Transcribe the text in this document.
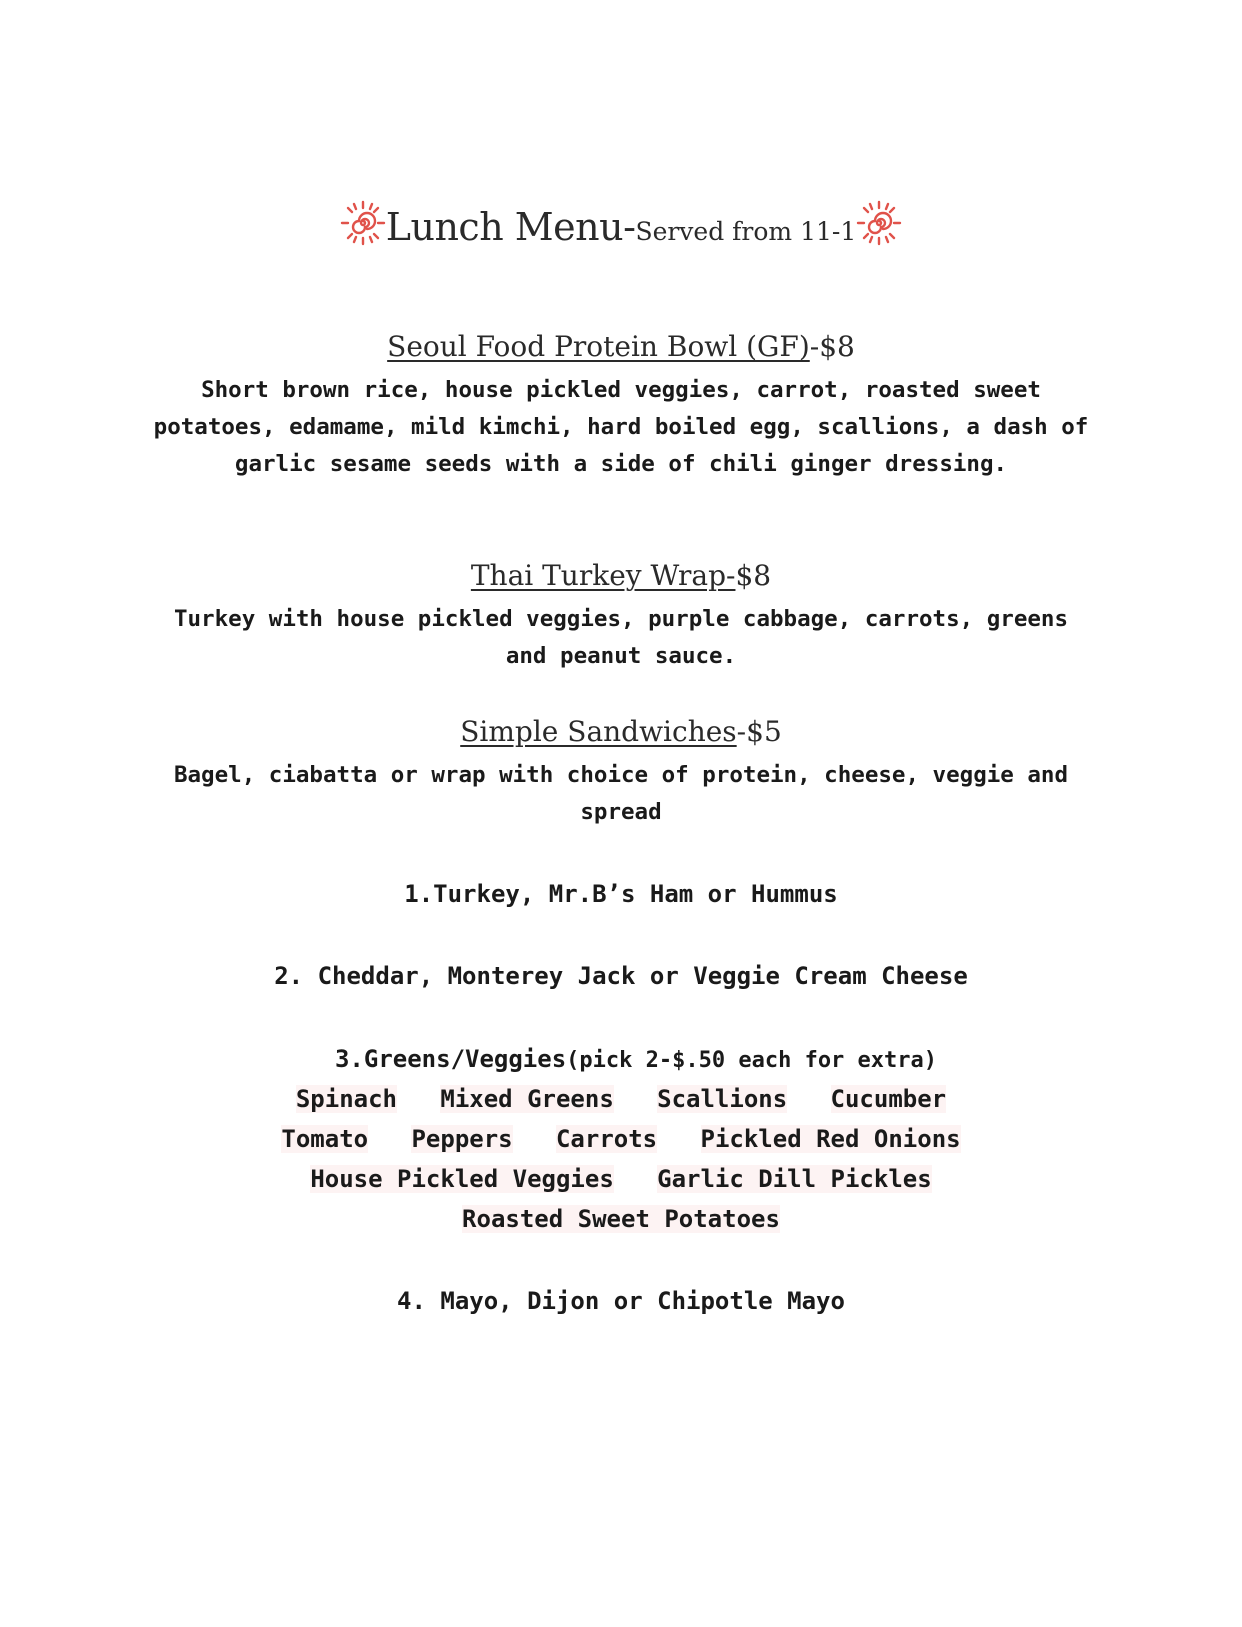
Lunch Menu-Served from 11-1
Seoul Food Protein Bowl (GF)-$8
Short brown rice, house pickled veggies, carrot, roasted sweet potatoes, edamame, mild kimchi, hard boiled egg, scallions, a dash of garlic sesame seeds with a side of chili ginger dressing.
Thai Turkey Wrap-$8
Turkey with house pickled veggies, purple cabbage, carrots, greens and peanut sauce.
Simple Sandwiches-$5
Bagel, ciabatta or wrap with choice of protein, cheese, veggie and spread
1.Turkey, Mr.B’s Ham or Hummus
2. Cheddar, Monterey Jack or Veggie Cream Cheese
3.Greens/Veggies(pick 2-$.50 each for extra)
Spinach Mixed Greens Scallions Cucumber
Tomato Peppers Carrots Pickled Red Onions
House Pickled Veggies Garlic Dill Pickles
Roasted Sweet Potatoes
4. Mayo, Dijon or Chipotle Mayo
